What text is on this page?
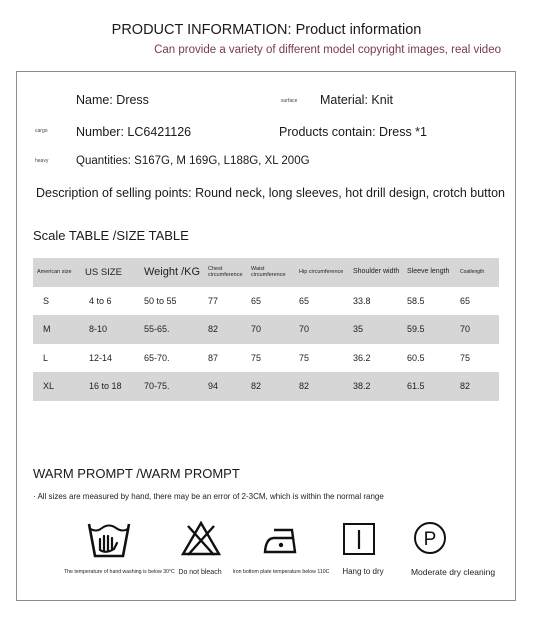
PRODUCT INFORMATION: Product information
Can provide a variety of different model copyright images, real video
Name: Dress	surface Material: Knit
cargo Number: LC6421126	Products contain: Dress *1
heavy Quantities: S167G, M 169G, L188G, XL 200G
Description of selling points: Round neck, long sleeves, hot drill design, crotch button
Scale TABLE /SIZE TABLE
American size	US SIZE	Weight /KG	Chest circumference	Waist circumference	Hip circumference	Shoulder width	Sleeve length	Coatlength
S	4 to 6	50 to 55	77	65	65	33.8	58.5	65
M	8-10	55-65.	82	70	70	35	59.5	70
L	12-14	65-70.	87	75	75	36.2	60.5	75
XL	16 to 18	70-75.	94	82	82	38.2	61.5	82
WARM PROMPT /WARM PROMPT
· All sizes are measured by hand, there may be an error of 2-3CM, which is within the normal range
P
The temperature of hand washing is below 30°C Do not bleach	Iron bottom plate temperature below 110C	Hang to dry	Moderate dry cleaning
